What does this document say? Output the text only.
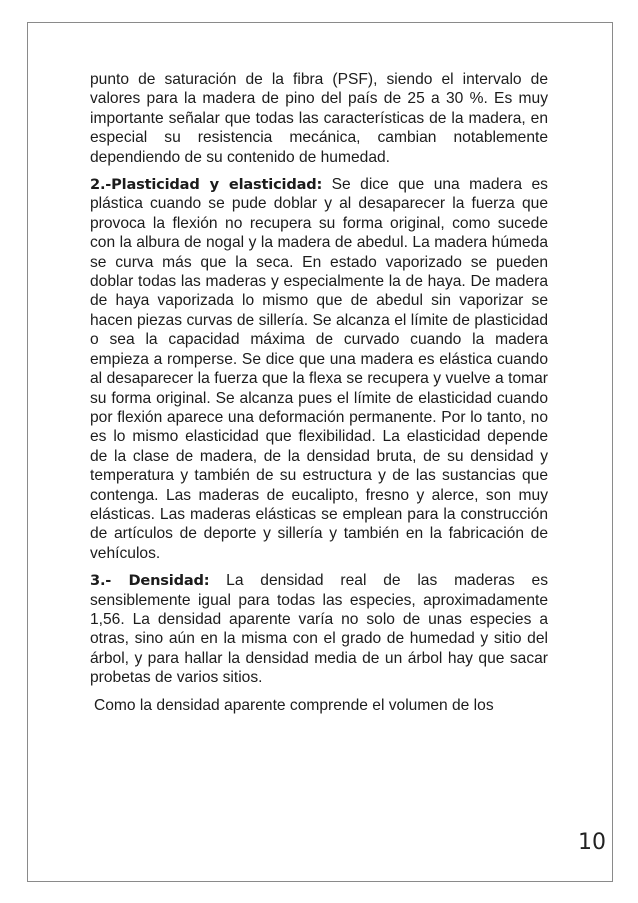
punto de saturación de la fibra (PSF), siendo el intervalo de valores para la madera de pino del país de 25 a 30 %. Es muy importante señalar que todas las características de la madera, en especial su resistencia mecánica, cambian notablemente dependiendo de su contenido de humedad.

2.-Plasticidad y elasticidad: Se dice que una madera es plástica cuando se pude doblar y al desaparecer la fuerza que provoca la flexión no recupera su forma original, como sucede con la albura de nogal y la madera de abedul. La madera húmeda se curva más que la seca. En estado vaporizado se pueden doblar todas las maderas y especialmente la de haya. De madera de haya vaporizada lo mismo que de abedul sin vaporizar se hacen piezas curvas de sillería. Se alcanza el límite de plasticidad o sea la capacidad máxima de curvado cuando la madera empieza a romperse. Se dice que una madera es elástica cuando al desaparecer la fuerza que la flexa se recupera y vuelve a tomar su forma original. Se alcanza pues el límite de elasticidad cuando por flexión aparece una deformación permanente. Por lo tanto, no es lo mismo elasticidad que flexibilidad. La elasticidad depende de la clase de madera, de la densidad bruta, de su densidad y temperatura y también de su estructura y de las sustancias que contenga. Las maderas de eucalipto, fresno y alerce, son muy elásticas. Las maderas elásticas se emplean para la construcción de artículos de deporte y sillería y también en la fabricación de vehículos.

3.- Densidad: La densidad real de las maderas es sensiblemente igual para todas las especies, aproximadamente 1,56. La densidad aparente varía no solo de unas especies a otras, sino aún en la misma con el grado de humedad y sitio del árbol, y para hallar la densidad media de un árbol hay que sacar probetas de varios sitios.

Como la densidad aparente comprende el volumen de los

10
